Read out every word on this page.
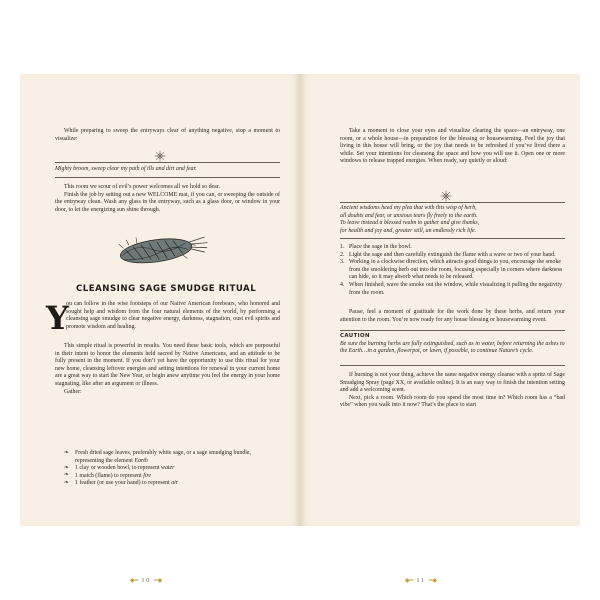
While preparing to sweep the entryways clear of anything negative, stop a moment to visualize:

Mighty broom, sweep clear my path of ills and dirt and fear.

This room we scour of evil’s power welcomes all we hold so dear.

Finish the job by setting out a new WELCOME mat, if you can, or sweeping the outside of the entryway clean. Wash any glass in the entryway, such as a glass door, or window in your door, to let the energizing sun shine through.

CLEANSING SAGE SMUDGE RITUAL
Y

ou can follow in the wise footsteps of our Native American forebears, who honored and sought help and wisdom from the four natural elements of the world, by performing a cleansing sage smudge to clear negative energy, darkness, stagnation, oust evil spirits and promote wisdom and healing.

This simple ritual is powerful in results. You need these basic tools, which are purposeful in their intent to honor the elements held sacred by Native Americans, and an attitude to be fully present in the moment. If you don’t yet have the opportunity to use this ritual for your new home, cleansing leftover energies and setting intentions for renewal in your current home are a great way to start the New Year, or begin anew anytime you feel the energy in your home stagnating, like after an argument or illness.

Gather:

❧ Fresh dried sage leaves, preferably white sage, or a sage smudging bundle, representing the element Earth
❧ 1 clay or wooden bowl, to represent water
❧ 1 match (flame) to represent fire
❧ 1 feather (or use your hand) to represent air
◆━ 10 ━◆

Take a moment to close your eyes and visualize clearing the space—an entryway, one room, or a whole house—in preparation for the blessing or housewarming. Feel the joy that living in this house will bring, or the joy that needs to be refreshed if you’ve lived there a while. Set your intentions for cleansing the space and how you will use it. Open one or more windows to release trapped energies. When ready, say quietly or aloud:

Ancient wisdoms heed my plea that with this wisp of herb,

all doubts and fear, or anxious tears fly freely to the earth.

To leave instead a blessed realm to gather and give thanks,

for health and joy and, greater still, an endlessly rich life.

1. Place the sage in the bowl.
2. Light the sage and then carefully extinguish the flame with a wave or two of your hand.
3. Working in a clockwise direction, which attracts good things to you, encourage the smoke from the smoldering herb out into the room, focusing especially in corners where darkness can hide, so it may absorb what needs to be released.
4. When finished, wave the smoke out the window, while visualizing it pulling the negativity from the room.

Pause, feel a moment of gratitude for the work done by these herbs, and return your attention to the room. You’re now ready for any house blessing or housewarming event.

CAUTION

Be sure the burning herbs are fully extinguished, such as in water, before returning the ashes to the Earth…in a garden, flowerpot, or lawn, if possible, to continue Nature’s cycle.

If burning is not your thing, achieve the same negative energy cleanse with a spritz of Sage Smudging Spray (page XX, or available online). It is an easy way to finish the intention setting and add a welcoming scent.

Next, pick a room. Which room do you spend the most time in? Which room has a “bad vibe” when you walk into it now? That’s the place to start

◆━ 11 ━◆
